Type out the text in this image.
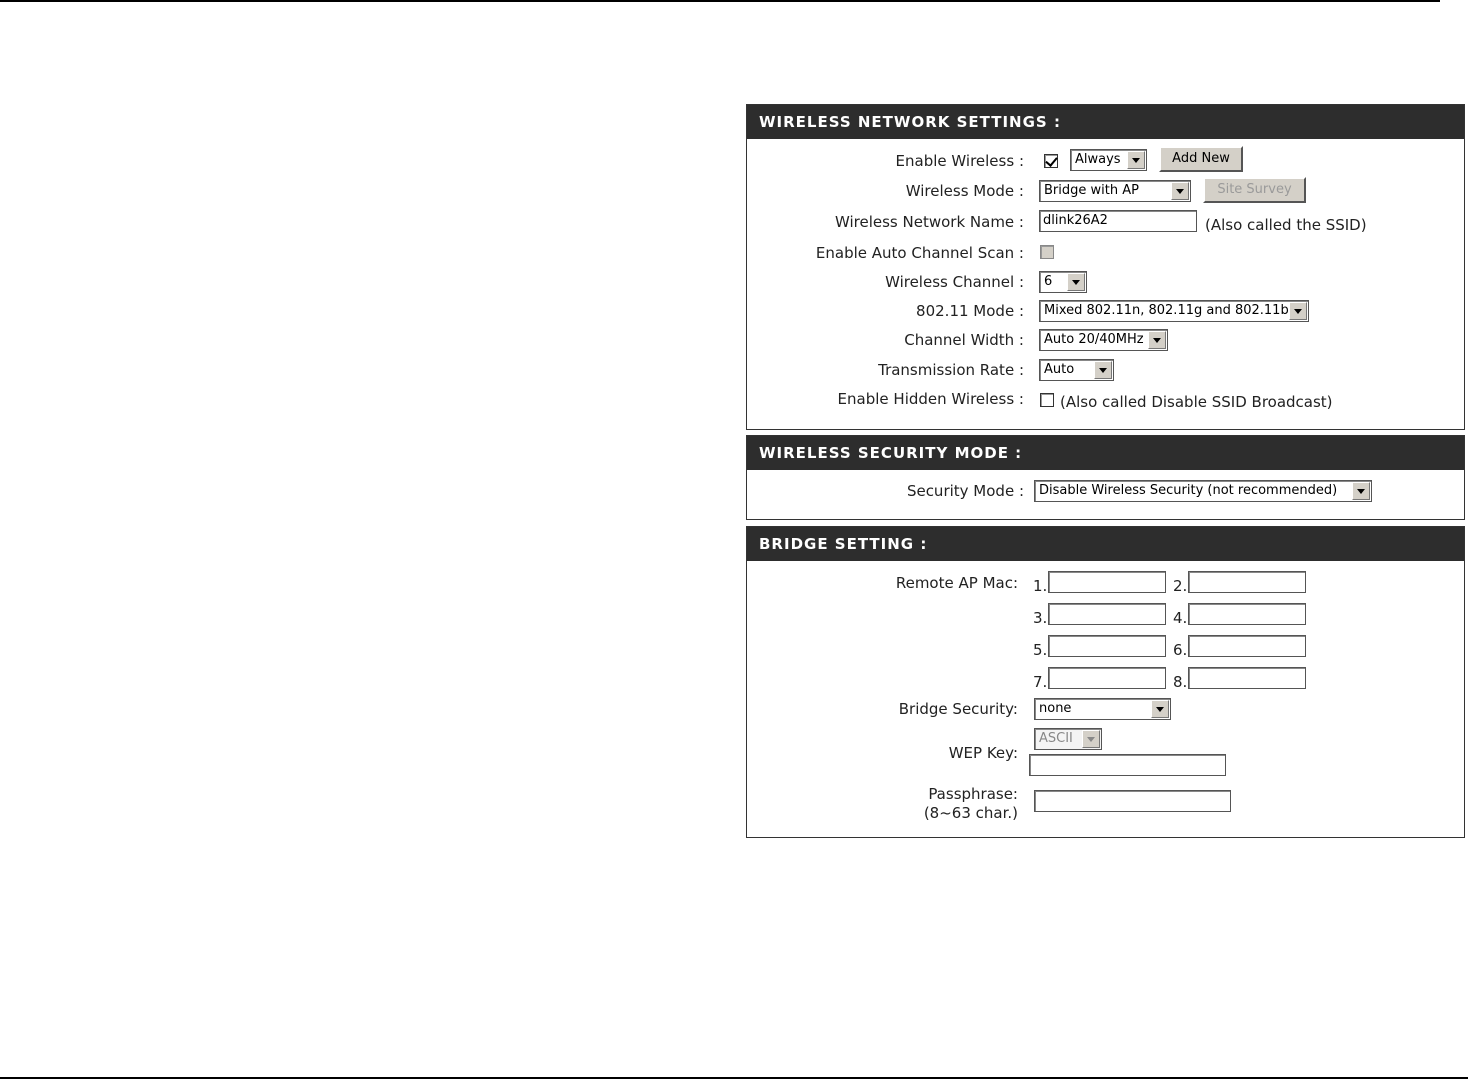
WIRELESS NETWORK SETTINGS :
Enable Wireless :	Always	Add New
Wireless Mode :	Bridge with AP	Site Survey
Wireless Network Name :	dlink26A2	(Also called the SSID)
Enable Auto Channel Scan :
Wireless Channel :	6
802.11 Mode :	Mixed 802.11n, 802.11g and 802.11b
Channel Width :	Auto 20/40MHz
Transmission Rate :	Auto
Enable Hidden Wireless : (Also called Disable SSID Broadcast)
WIRELESS SECURITY MODE :
Security Mode :	Disable Wireless Security (not recommended)
BRIDGE SETTING :
Remote AP Mac: 1.	2.
3.	4.
5.	6.
7.	8.
Bridge Security:	none
ASCII
WEP Key:
Passphrase:
(8~63 char.)
